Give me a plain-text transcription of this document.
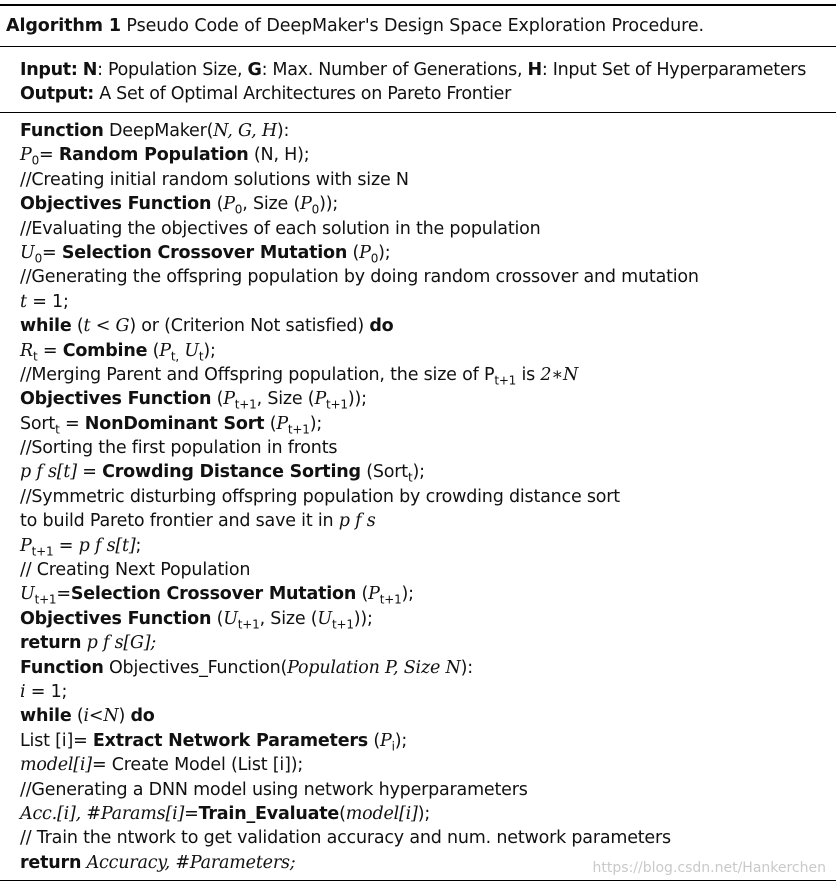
Algorithm 1 Pseudo Code of DeepMaker's Design Space Exploration Procedure.
Input: N: Population Size, G: Max. Number of Generations, H: Input Set of Hyperparameters
Output: A Set of Optimal Architectures on Pareto Frontier
Function DeepMaker(N, G, H):
$P_0=$ Random Population (N, H);
//Creating initial random solutions with size N
Objectives Function ($P_0$, Size $(P_0)$);
//Evaluating the objectives of each solution in the population
$U_0=$ Selection Crossover Mutation $(P_0)$;
//Generating the offspring population by doing random crossover and mutation
t = 1;
while (t < G) or (Criterion Not satisfied) do
$R_t$ = Combine ($P_{t,}$ $U_t$);
//Merging Parent and Offspring population, the size of $P_{t+1}$ is 2∗N
Objectives Function ($P_{t+1}$, Size $(P_{t+1})$);
Sort$_t$ = NonDominant Sort $(P_{t+1})$;
//Sorting the first population in fronts
p f s[t] = Crowding Distance Sorting (Sort$_t$);
//Symmetric disturbing offspring population by crowding distance sort
to build Pareto frontier and save it in p f s
$P_{t+1} = p$ f s[t];
// Creating Next Population
$U_{t+1}=Selection$ Crossover Mutation $(P_{t+1})$;
Objectives Function ($U_{t+1}$, Size $(U_{t+1})$);
return p f s[G];
Function Objectives_Function(Population P, Size N):
i = 1;
while (i<N) do
List [i]= Extract Network Parameters $(P_i)$;
model[i]= Create Model (List [i]);
//Generating a DNN model using network hyperparameters
Acc.[i], #Params[i]=Train_Evaluate(model[i]);
// Train the ntwork to get validation accuracy and num. network parameters
return Accuracy, #Parameters;	https://blog.csdn.net/Hankerchen
